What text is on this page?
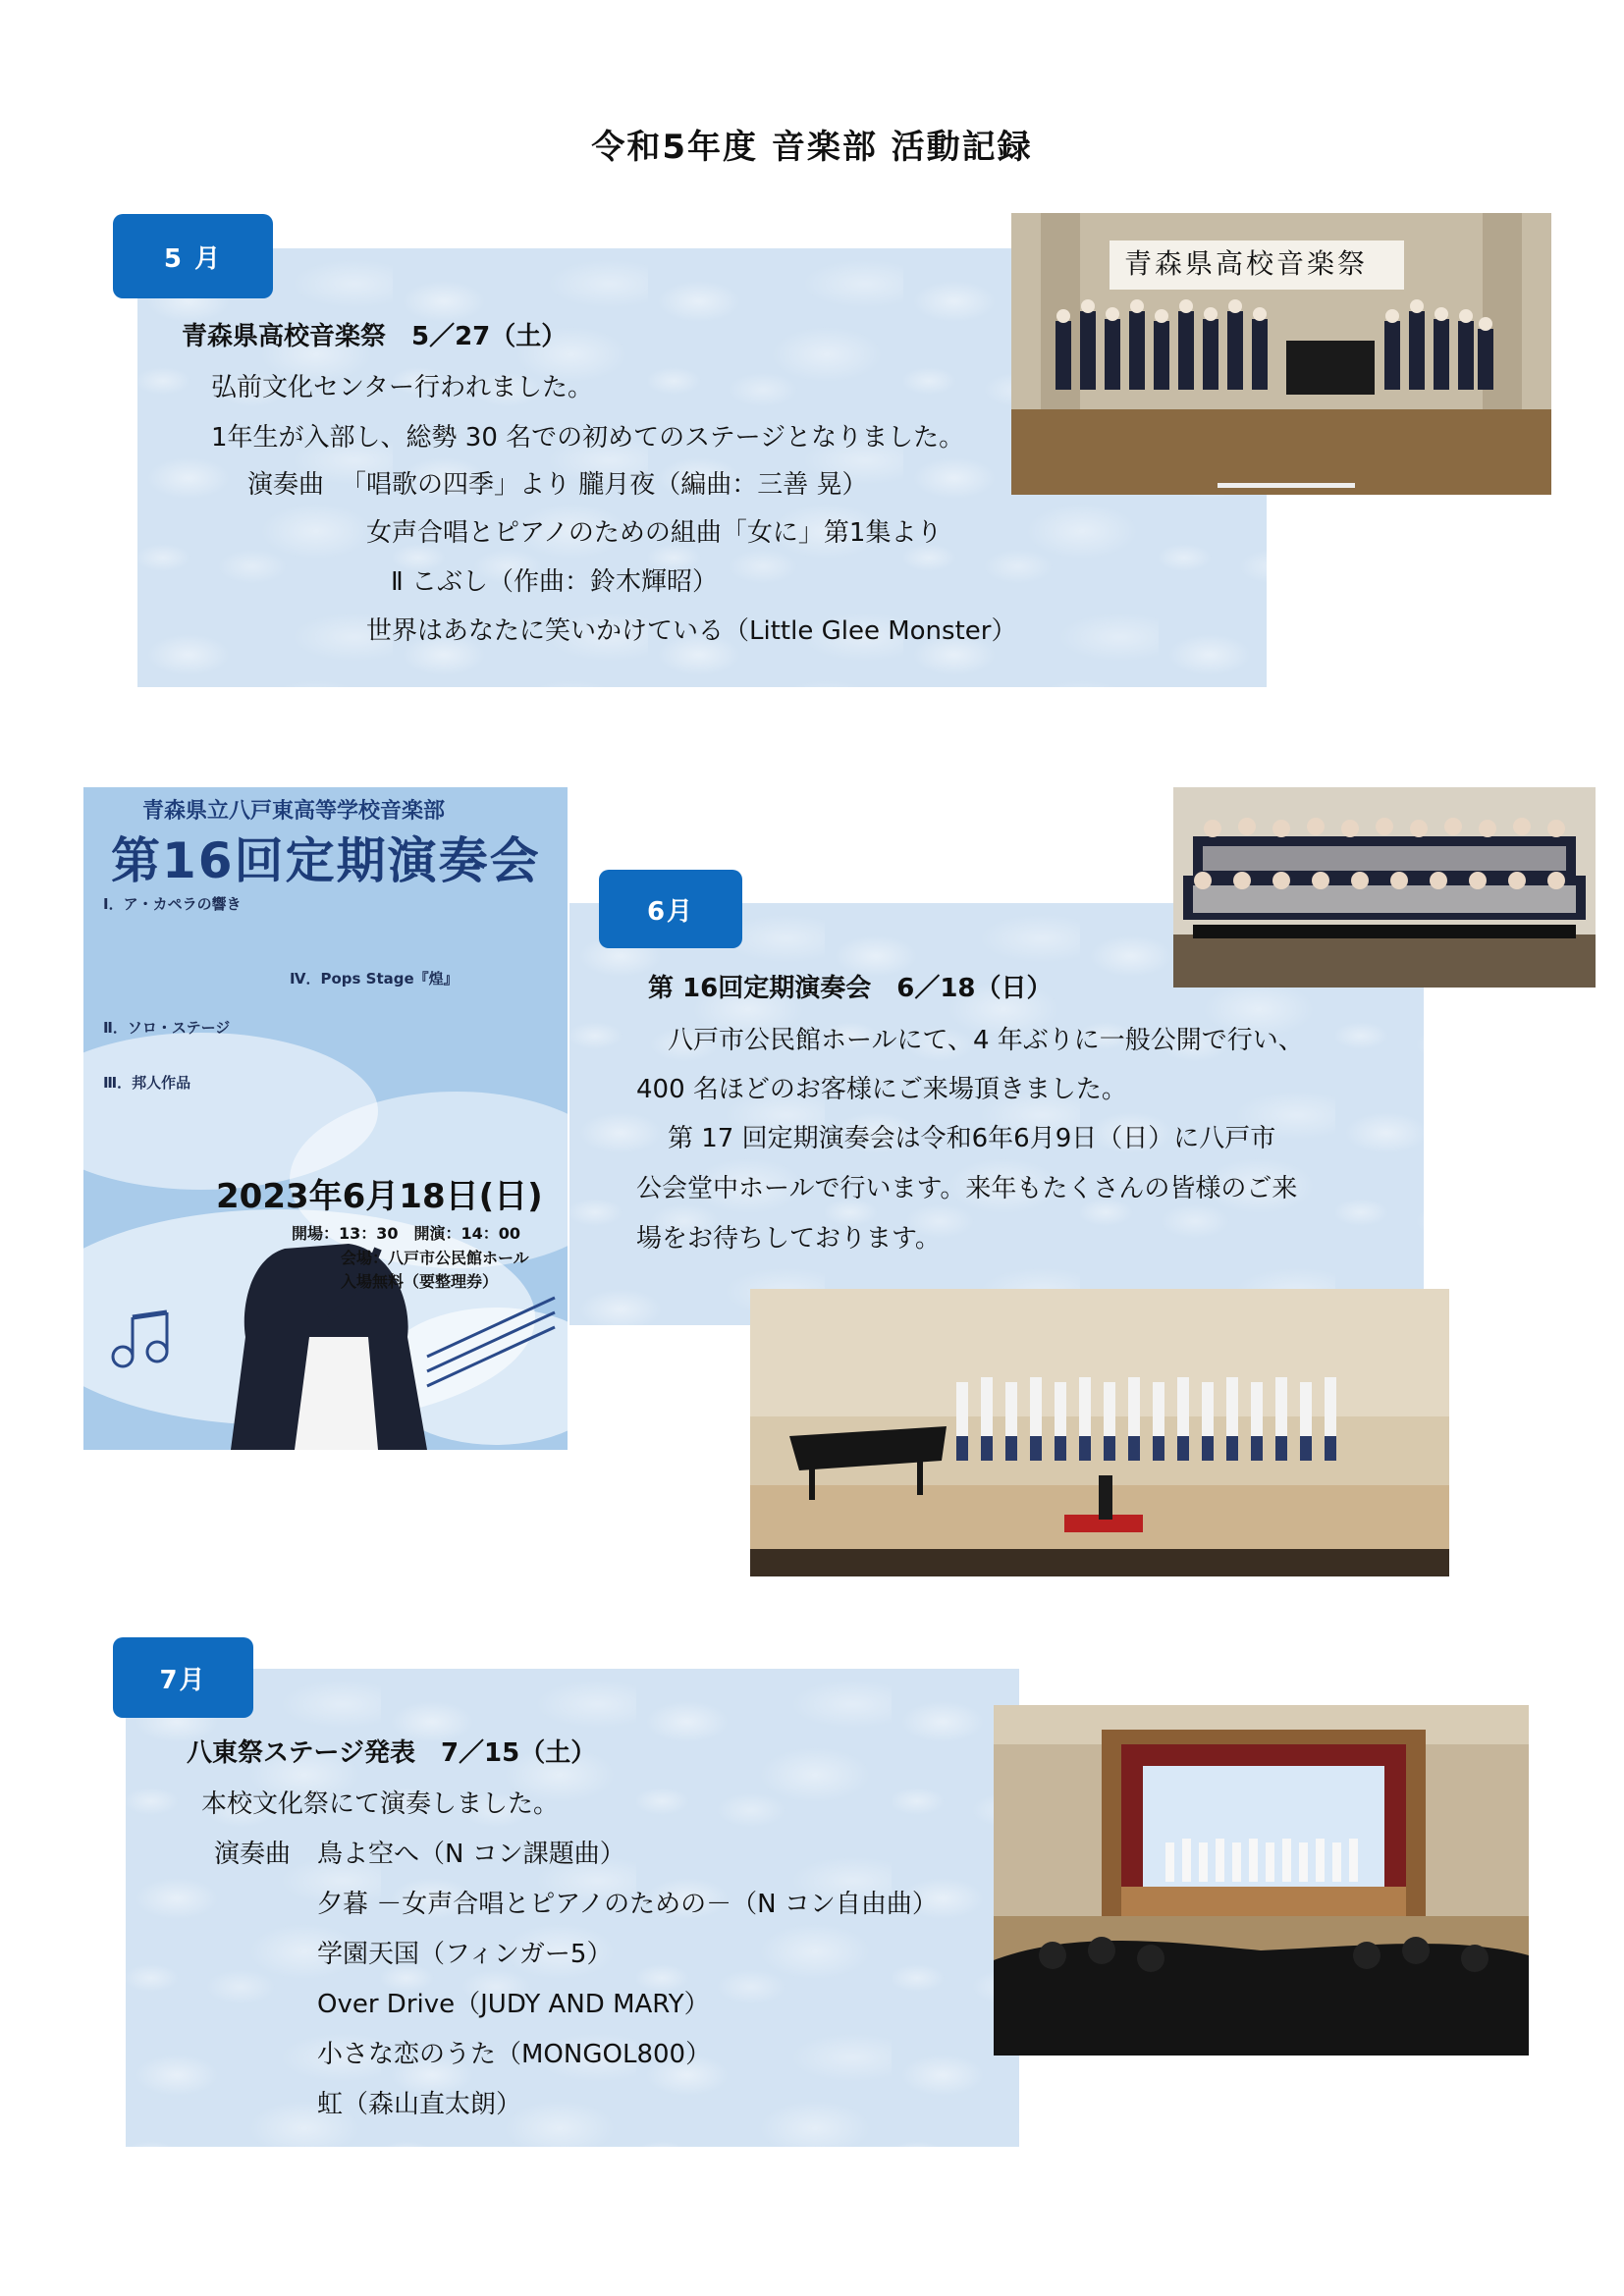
令和5年度 音楽部 活動記録
5 月
青森県高校音楽祭　5／27（土）
弘前文化センター行われました。
1年生が入部し、総勢 30 名での初めてのステージとなりました。
演奏曲 「唱歌の四季」より 朧月夜（編曲：三善 晃）
女声合唱とピアノのための組曲「女に」第1集より
Ⅱ こぶし（作曲：鈴木輝昭）
世界はあなたに笑いかけている（Little Glee Monster）
青森県高校音楽祭
青森県立八戸東高等学校音楽部
第16回定期演奏会
Ⅰ．ア・カペラの響き
Ⅳ．Pops Stage『煌』
Ⅱ．ソロ・ステージ
Ⅲ．邦人作品
2023年6月18日(日)
開場：13：30　開演：14：00
会場：八戸市公民館ホール
入場無料（要整理券）
6月
第 16回定期演奏会　6／18（日）
八戸市公民館ホールにて、4 年ぶりに一般公開で行い、
400 名ほどのお客様にご来場頂きました。
第 17 回定期演奏会は令和6年6月9日（日）に八戸市
公会堂中ホールで行います。来年もたくさんの皆様のご来
場をお待ちしております。
7月
八東祭ステージ発表　7／15（土）
本校文化祭にて演奏しました。
演奏曲 鳥よ空へ（N コン課題曲）
夕暮 －女声合唱とピアノのための－（N コン自由曲）
学園天国（フィンガー5）
Over Drive（JUDY AND MARY）
小さな恋のうた（MONGOL800）
虹（森山直太朗）
